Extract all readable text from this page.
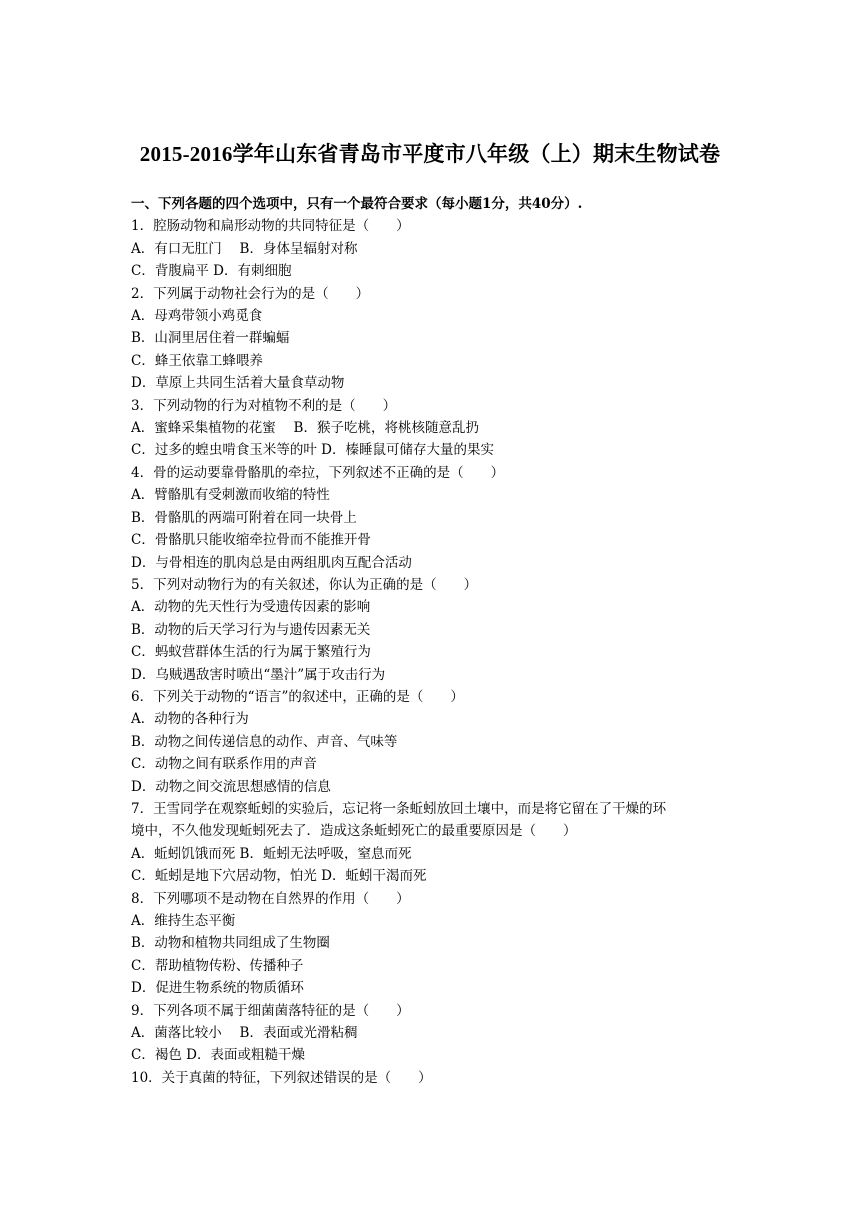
2015-2016学年山东省青岛市平度市八年级（上）期末生物试卷
一、下列各题的四个选项中，只有一个最符合要求（每小题1分，共40分）.
1．腔肠动物和扁形动物的共同特征是（　　）
A．有口无肛门　 B．身体呈辐射对称
C．背腹扁平 D．有刺细胞
2．下列属于动物社会行为的是（　　）
A．母鸡带领小鸡觅食
B．山洞里居住着一群蝙蝠
C．蜂王依靠工蜂喂养
D．草原上共同生活着大量食草动物
3．下列动物的行为对植物不利的是（　　）
A．蜜蜂采集植物的花蜜　 B．猴子吃桃，将桃核随意乱扔
C．过多的蝗虫啃食玉米等的叶 D．榛睡鼠可储存大量的果实
4．骨的运动要靠骨骼肌的牵拉，下列叙述不正确的是（　　）
A．臂骼肌有受刺激而收缩的特性
B．骨骼肌的两端可附着在同一块骨上
C．骨骼肌只能收缩牵拉骨而不能推开骨
D．与骨相连的肌肉总是由两组肌肉互配合活动
5．下列对动物行为的有关叙述，你认为正确的是（　　）
A．动物的先天性行为受遗传因素的影响
B．动物的后天学习行为与遗传因素无关
C．蚂蚁营群体生活的行为属于繁殖行为
D．乌贼遇敌害时喷出“墨汁”属于攻击行为
6．下列关于动物的“语言”的叙述中，正确的是（　　）
A．动物的各种行为
B．动物之间传递信息的动作、声音、气味等
C．动物之间有联系作用的声音
D．动物之间交流思想感情的信息
7．王雪同学在观察蚯蚓的实验后，忘记将一条蚯蚓放回土壤中，而是将它留在了干燥的环
境中，不久他发现蚯蚓死去了．造成这条蚯蚓死亡的最重要原因是（　　）
A．蚯蚓饥饿而死 B．蚯蚓无法呼吸，窒息而死
C．蚯蚓是地下穴居动物，怕光 D．蚯蚓干渴而死
8．下列哪项不是动物在自然界的作用（　　）
A．维持生态平衡
B．动物和植物共同组成了生物圈
C．帮助植物传粉、传播种子
D．促进生物系统的物质循环
9．下列各项不属于细菌菌落特征的是（　　）
A．菌落比较小　 B．表面或光滑粘稠
C．褐色 D．表面或粗糙干燥
10．关于真菌的特征，下列叙述错误的是（　　）
